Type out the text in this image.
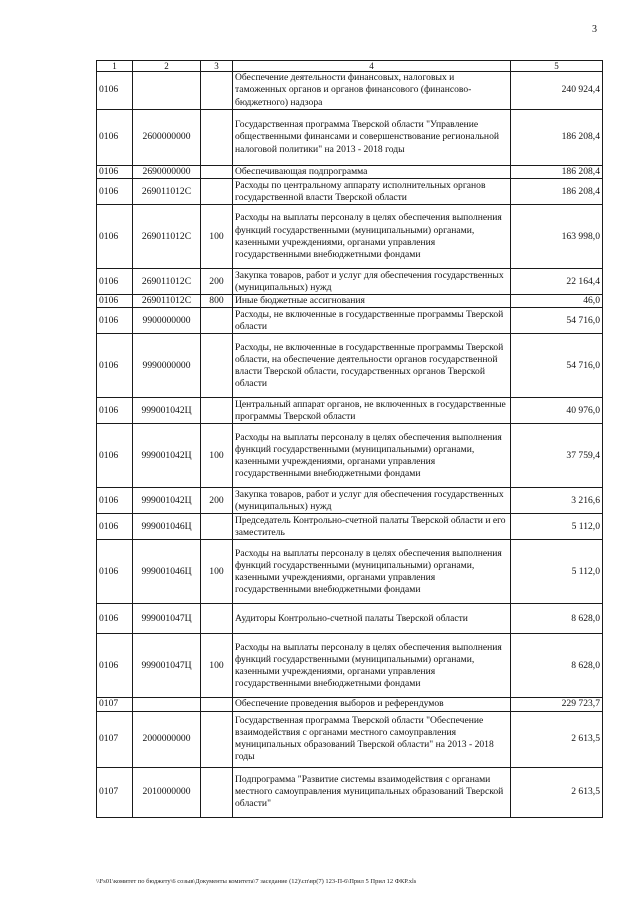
3
1	2	3	4	5
0106			Обеспечение деятельности финансовых, налоговых и таможенных органов и органов финансового (финансово-бюджетного) надзора	240 924,4
0106	2600000000		Государственная программа Тверской области "Управление общественными финансами и совершенствование региональной налоговой политики" на 2013 - 2018 годы	186 208,4
0106	2690000000		Обеспечивающая подпрограмма	186 208,4
0106	269011012С		Расходы по центральному аппарату исполнительных органов государственной власти Тверской области	186 208,4
0106	269011012С	100	Расходы на выплаты персоналу в целях обеспечения выполнения функций государственными (муниципальными) органами, казенными учреждениями, органами управления государственными внебюджетными фондами	163 998,0
0106	269011012С	200	Закупка товаров, работ и услуг для обеспечения государственных (муниципальных) нужд	22 164,4
0106	269011012С	800	Иные бюджетные ассигнования	46,0
0106	9900000000		Расходы, не включенные в государственные программы Тверской области	54 716,0
0106	9990000000		Расходы, не включенные в государственные программы Тверской области, на обеспечение деятельности органов государственной власти Тверской области, государственных органов Тверской области	54 716,0
0106	999001042Ц		Центральный аппарат органов, не включенных в государственные программы Тверской области	40 976,0
0106	999001042Ц	100	Расходы на выплаты персоналу в целях обеспечения выполнения функций государственными (муниципальными) органами, казенными учреждениями, органами управления государственными внебюджетными фондами	37 759,4
0106	999001042Ц	200	Закупка товаров, работ и услуг для обеспечения государственных (муниципальных) нужд	3 216,6
0106	999001046Ц		Председатель Контрольно-счетной палаты Тверской области и его заместитель	5 112,0
0106	999001046Ц	100	Расходы на выплаты персоналу в целях обеспечения выполнения функций государственными (муниципальными) органами, казенными учреждениями, органами управления государственными внебюджетными фондами	5 112,0
0106	999001047Ц		Аудиторы Контрольно-счетной палаты Тверской области	8 628,0
0106	999001047Ц	100	Расходы на выплаты персоналу в целях обеспечения выполнения функций государственными (муниципальными) органами, казенными учреждениями, органами управления государственными внебюджетными фондами	8 628,0
0107			Обеспечение проведения выборов и референдумов	229 723,7
0107	2000000000		Государственная программа Тверской области "Обеспечение взаимодействия с органами местного самоуправления муниципальных образований Тверской области" на 2013 - 2018 годы	2 613,5
0107	2010000000		Подпрограмма "Развитие системы взаимодействия с органами местного самоуправления муниципальных образований Тверской области"	2 613,5
\\Fs01\комитет по бюджету\6 созыв\Документы комитета\7 заседание (12)\сп\вр(7) 123-П-6\Прил 5 Прил 12 ФКР.xls
